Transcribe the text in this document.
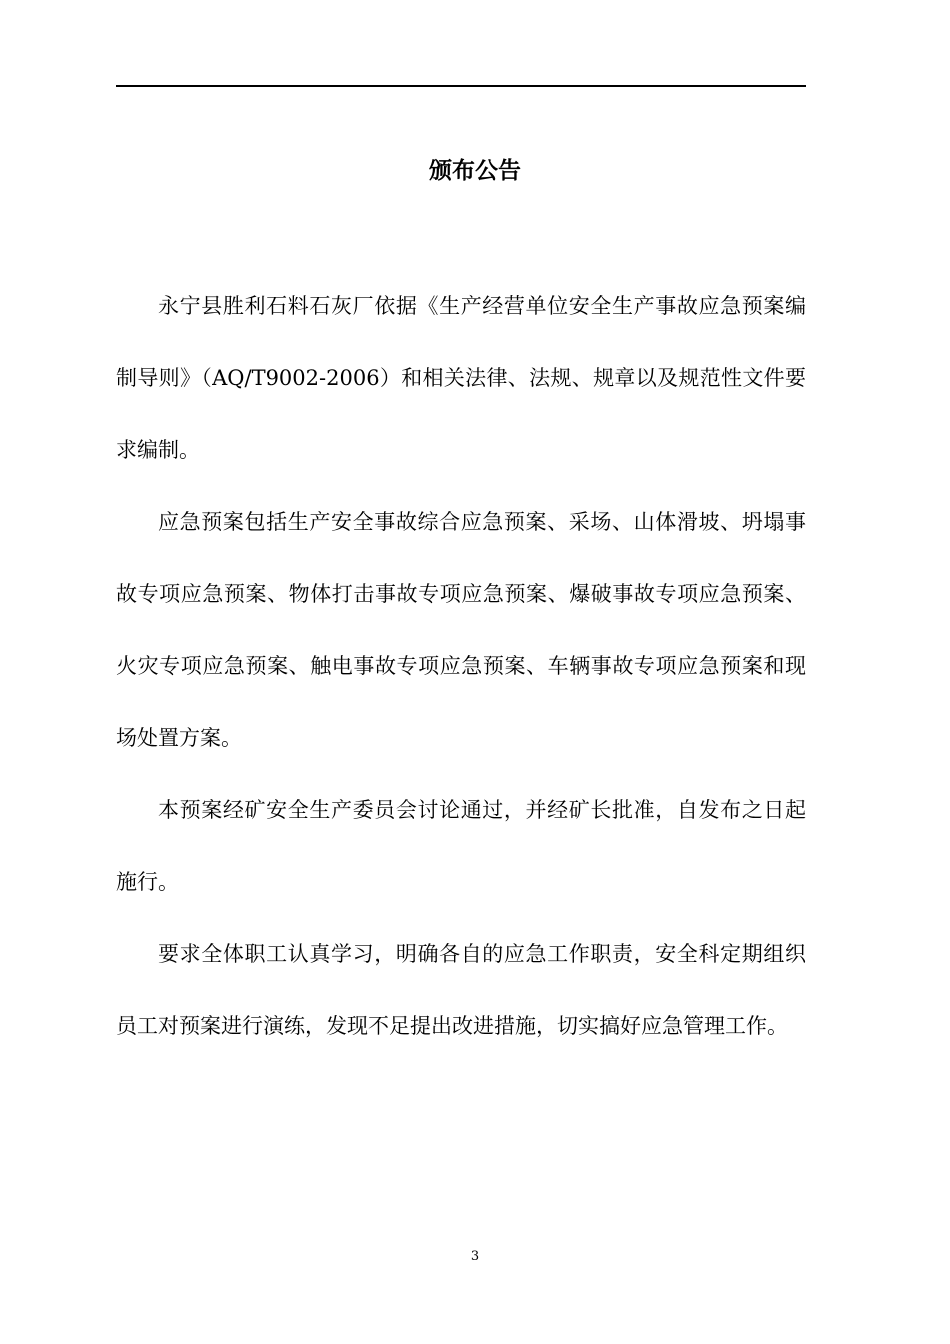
颁布公告

永宁县胜利石料石灰厂依据《生产经营单位安全生产事故应急预案编制导则》（AQ/T9002-2006）和相关法律、法规、规章以及规范性文件要求编制。

应急预案包括生产安全事故综合应急预案、采场、山体滑坡、坍塌事故专项应急预案、物体打击事故专项应急预案、爆破事故专项应急预案、火灾专项应急预案、触电事故专项应急预案、车辆事故专项应急预案和现场处置方案。

本预案经矿安全生产委员会讨论通过，并经矿长批准，自发布之日起施行。

要求全体职工认真学习，明确各自的应急工作职责，安全科定期组织员工对预案进行演练，发现不足提出改进措施，切实搞好应急管理工作。

3
